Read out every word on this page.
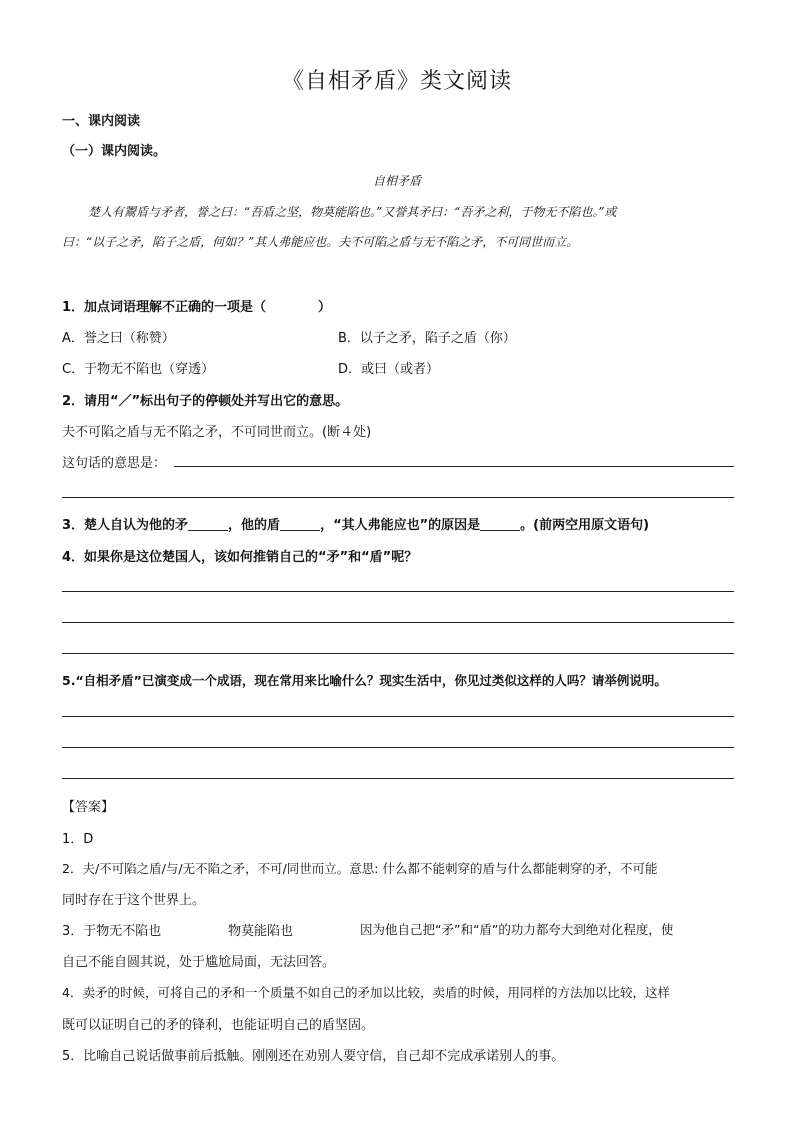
《自相矛盾》类文阅读
一、课内阅读
（一）课内阅读。
自相矛盾
楚人有鬻盾与矛者，誉之曰：“吾盾之坚，物莫能陷也。”又誉其矛曰：“吾矛之利，于物无不陷也。”或
曰：“以子之矛，陷子之盾，何如？”其人弗能应也。夫不可陷之盾与无不陷之矛，不可同世而立。
1．加点词语理解不正确的一项是（　　　　）
A．誉之曰（称赞）	B．以子之矛，陷子之盾（你）
C．于物无不陷也（穿透）	D．或曰（或者）
2．请用“／”标出句子的停顿处并写出它的意思。
夫不可陷之盾与无不陷之矛，不可同世而立。(断４处)
这句话的意思是：
3．楚人自认为他的矛	，他的盾	，“其人弗能应也”的原因是	。(前两空用原文语句)
4．如果你是这位楚国人，该如何推销自己的“矛”和“盾”呢？
5.“自相矛盾”已演变成一个成语，现在常用来比喻什么？现实生活中，你见过类似这样的人吗？请举例说明。
【答案】
1．D
2．夫/不可陷之盾/与/无不陷之矛，不可/同世而立。意思: 什么都不能刺穿的盾与什么都能刺穿的矛，不可能
同时存在于这个世界上。
3．于物无不陷也	物莫能陷也	因为他自己把“矛”和“盾”的功力都夸大到绝对化程度，使
自己不能自圆其说，处于尴尬局面，无法回答。
4．卖矛的时候，可将自己的矛和一个质量不如自己的矛加以比较，卖盾的时候，用同样的方法加以比较，这样
既可以证明自己的矛的锋利，也能证明自己的盾坚固。
5．比喻自己说话做事前后抵触。刚刚还在劝别人要守信，自己却不完成承诺别人的事。
